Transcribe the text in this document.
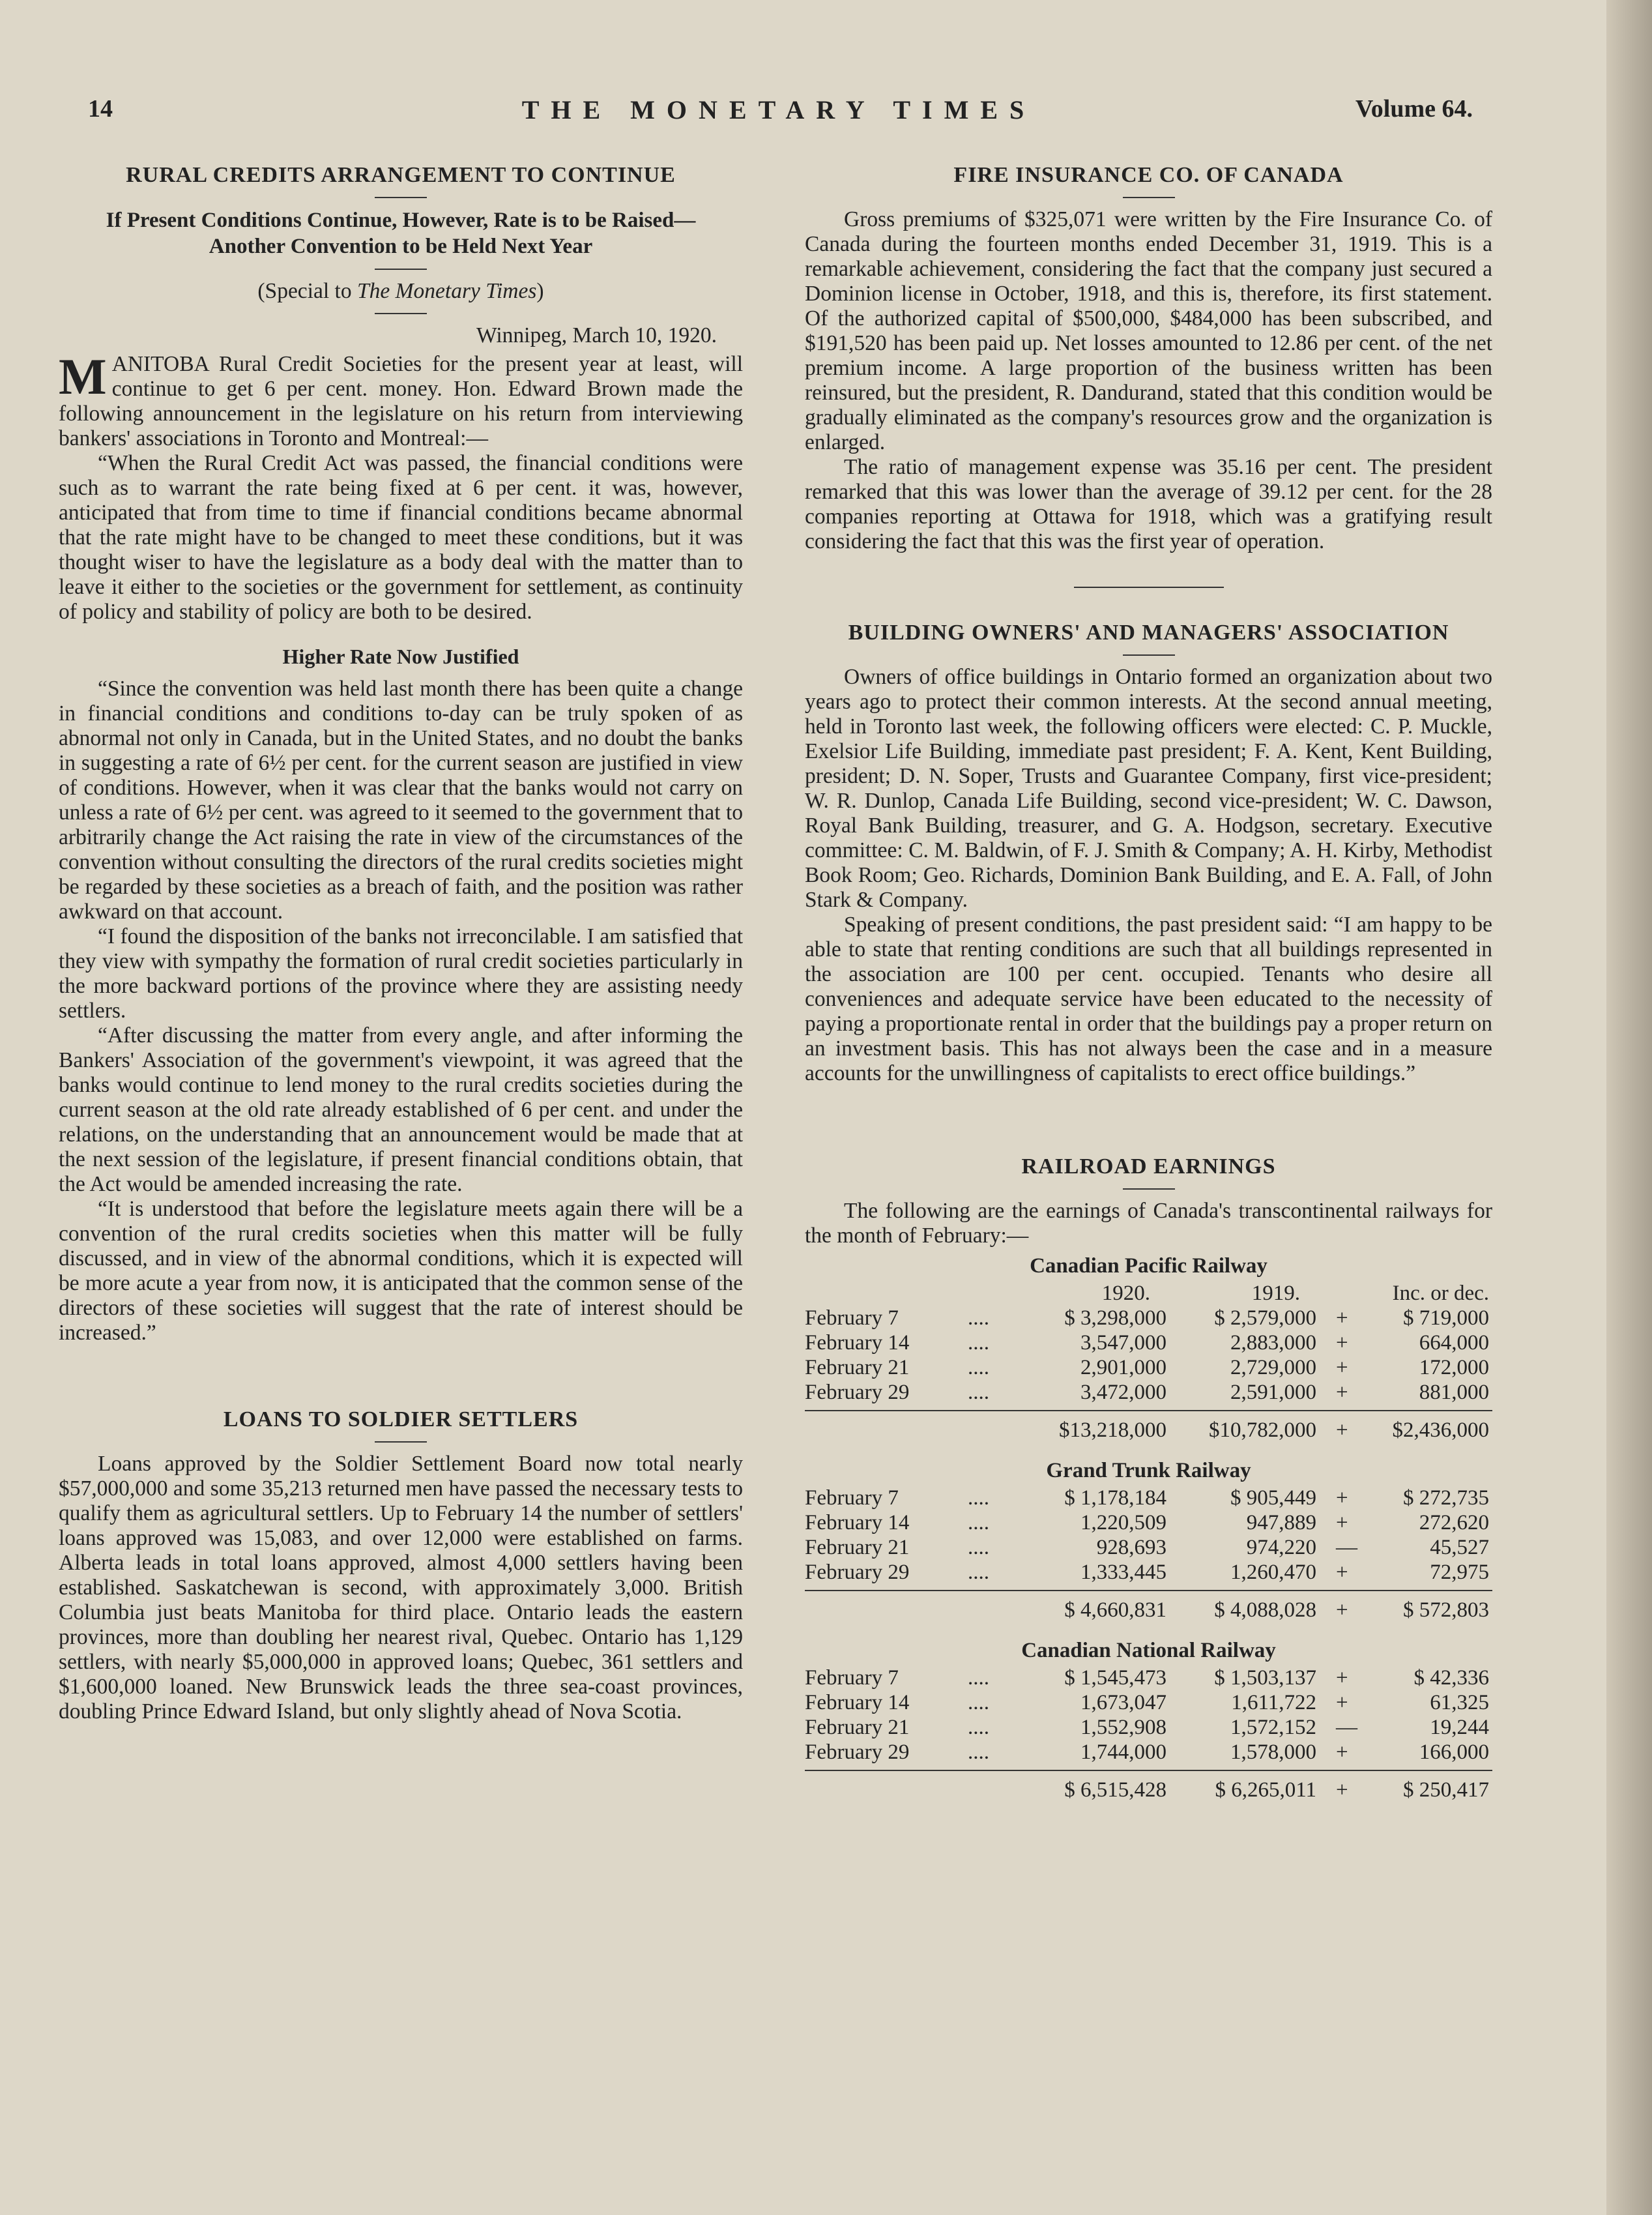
14	THE MONETARY TIMES	Volume 64.
RURAL CREDITS ARRANGEMENT TO CONTINUE
If Present Conditions Continue, However, Rate is to be Raised—Another Convention to be Held Next Year
(Special to The Monetary Times)
Winnipeg, March 10, 1920.

MANITOBA Rural Credit Societies for the present year at least, will continue to get 6 per cent. money. Hon. Edward Brown made the following announcement in the legislature on his return from interviewing bankers' associations in Toronto and Montreal:—

“When the Rural Credit Act was passed, the financial conditions were such as to warrant the rate being fixed at 6 per cent. it was, however, anticipated that from time to time if financial conditions became abnormal that the rate might have to be changed to meet these conditions, but it was thought wiser to have the legislature as a body deal with the matter than to leave it either to the societies or the government for settlement, as continuity of policy and stability of policy are both to be desired.

Higher Rate Now Justified

“Since the convention was held last month there has been quite a change in financial conditions and conditions to-day can be truly spoken of as abnormal not only in Canada, but in the United States, and no doubt the banks in suggesting a rate of 6½ per cent. for the current season are justified in view of conditions. However, when it was clear that the banks would not carry on unless a rate of 6½ per cent. was agreed to it seemed to the government that to arbitrarily change the Act raising the rate in view of the circumstances of the convention without consulting the directors of the rural credits societies might be regarded by these societies as a breach of faith, and the position was rather awkward on that account.

“I found the disposition of the banks not irreconcilable. I am satisfied that they view with sympathy the formation of rural credit societies particularly in the more backward portions of the province where they are assisting needy settlers.

“After discussing the matter from every angle, and after informing the Bankers' Association of the government's viewpoint, it was agreed that the banks would continue to lend money to the rural credits societies during the current season at the old rate already established of 6 per cent. and under the relations, on the understanding that an announcement would be made that at the next session of the legislature, if present financial conditions obtain, that the Act would be amended increasing the rate.

“It is understood that before the legislature meets again there will be a convention of the rural credits societies when this matter will be fully discussed, and in view of the abnormal conditions, which it is expected will be more acute a year from now, it is anticipated that the common sense of the directors of these societies will suggest that the rate of interest should be increased.”

LOANS TO SOLDIER SETTLERS

Loans approved by the Soldier Settlement Board now total nearly $57,000,000 and some 35,213 returned men have passed the necessary tests to qualify them as agricultural settlers. Up to February 14 the number of settlers' loans approved was 15,083, and over 12,000 were established on farms. Alberta leads in total loans approved, almost 4,000 settlers having been established. Saskatchewan is second, with approximately 3,000. British Columbia just beats Manitoba for third place. Ontario leads the eastern provinces, more than doubling her nearest rival, Quebec. Ontario has 1,129 settlers, with nearly $5,000,000 in approved loans; Quebec, 361 settlers and $1,600,000 loaned. New Brunswick leads the three sea-coast provinces, doubling Prince Edward Island, but only slightly ahead of Nova Scotia.

FIRE INSURANCE CO. OF CANADA

Gross premiums of $325,071 were written by the Fire Insurance Co. of Canada during the fourteen months ended December 31, 1919. This is a remarkable achievement, considering the fact that the company just secured a Dominion license in October, 1918, and this is, therefore, its first statement. Of the authorized capital of $500,000, $484,000 has been subscribed, and $191,520 has been paid up. Net losses amounted to 12.86 per cent. of the net premium income. A large proportion of the business written has been reinsured, but the president, R. Dandurand, stated that this condition would be gradually eliminated as the company's resources grow and the organization is enlarged.

The ratio of management expense was 35.16 per cent. The president remarked that this was lower than the average of 39.12 per cent. for the 28 companies reporting at Ottawa for 1918, which was a gratifying result considering the fact that this was the first year of operation.

BUILDING OWNERS' AND MANAGERS' ASSOCIATION

Owners of office buildings in Ontario formed an organization about two years ago to protect their common interests. At the second annual meeting, held in Toronto last week, the following officers were elected: C. P. Muckle, Exelsior Life Building, immediate past president; F. A. Kent, Kent Building, president; D. N. Soper, Trusts and Guarantee Company, first vice-president; W. R. Dunlop, Canada Life Building, second vice-president; W. C. Dawson, Royal Bank Building, treasurer, and G. A. Hodgson, secretary. Executive committee: C. M. Baldwin, of F. J. Smith & Company; A. H. Kirby, Methodist Book Room; Geo. Richards, Dominion Bank Building, and E. A. Fall, of John Stark & Company.

Speaking of present conditions, the past president said: “I am happy to be able to state that renting conditions are such that all buildings represented in the association are 100 per cent. occupied. Tenants who desire all conveniences and adequate service have been educated to the necessity of paying a proportionate rental in order that the buildings pay a proper return on an investment basis. This has not always been the case and in a measure accounts for the unwillingness of capitalists to erect office buildings.”

RAILROAD EARNINGS

The following are the earnings of Canada's transcontinental railways for the month of February:—

Canadian Pacific Railway
1920.	1919.	Inc. or dec.
February 7	....	$ 3,298,000	$ 2,579,000 +	$ 719,000
February 14	....	3,547,000	2,883,000 +	664,000
February 21	....	2,901,000	2,729,000 +	172,000
February 29	....	3,472,000	2,591,000 +	881,000
$13,218,000	$10,782,000 +	$2,436,000
Grand Trunk Railway
February 7	....	$ 1,178,184	$ 905,449 +	$ 272,735
February 14	....	1,220,509	947,889 +	272,620
February 21	....	928,693	974,220 —	45,527
February 29	....	1,333,445	1,260,470 +	72,975
$ 4,660,831	$ 4,088,028 +	$ 572,803
Canadian National Railway
February 7	....	$ 1,545,473	$ 1,503,137 +	$ 42,336
February 14	....	1,673,047	1,611,722 +	61,325
February 21	....	1,552,908	1,572,152 —	19,244
February 29	....	1,744,000	1,578,000 +	166,000
$ 6,515,428	$ 6,265,011 +	$ 250,417
